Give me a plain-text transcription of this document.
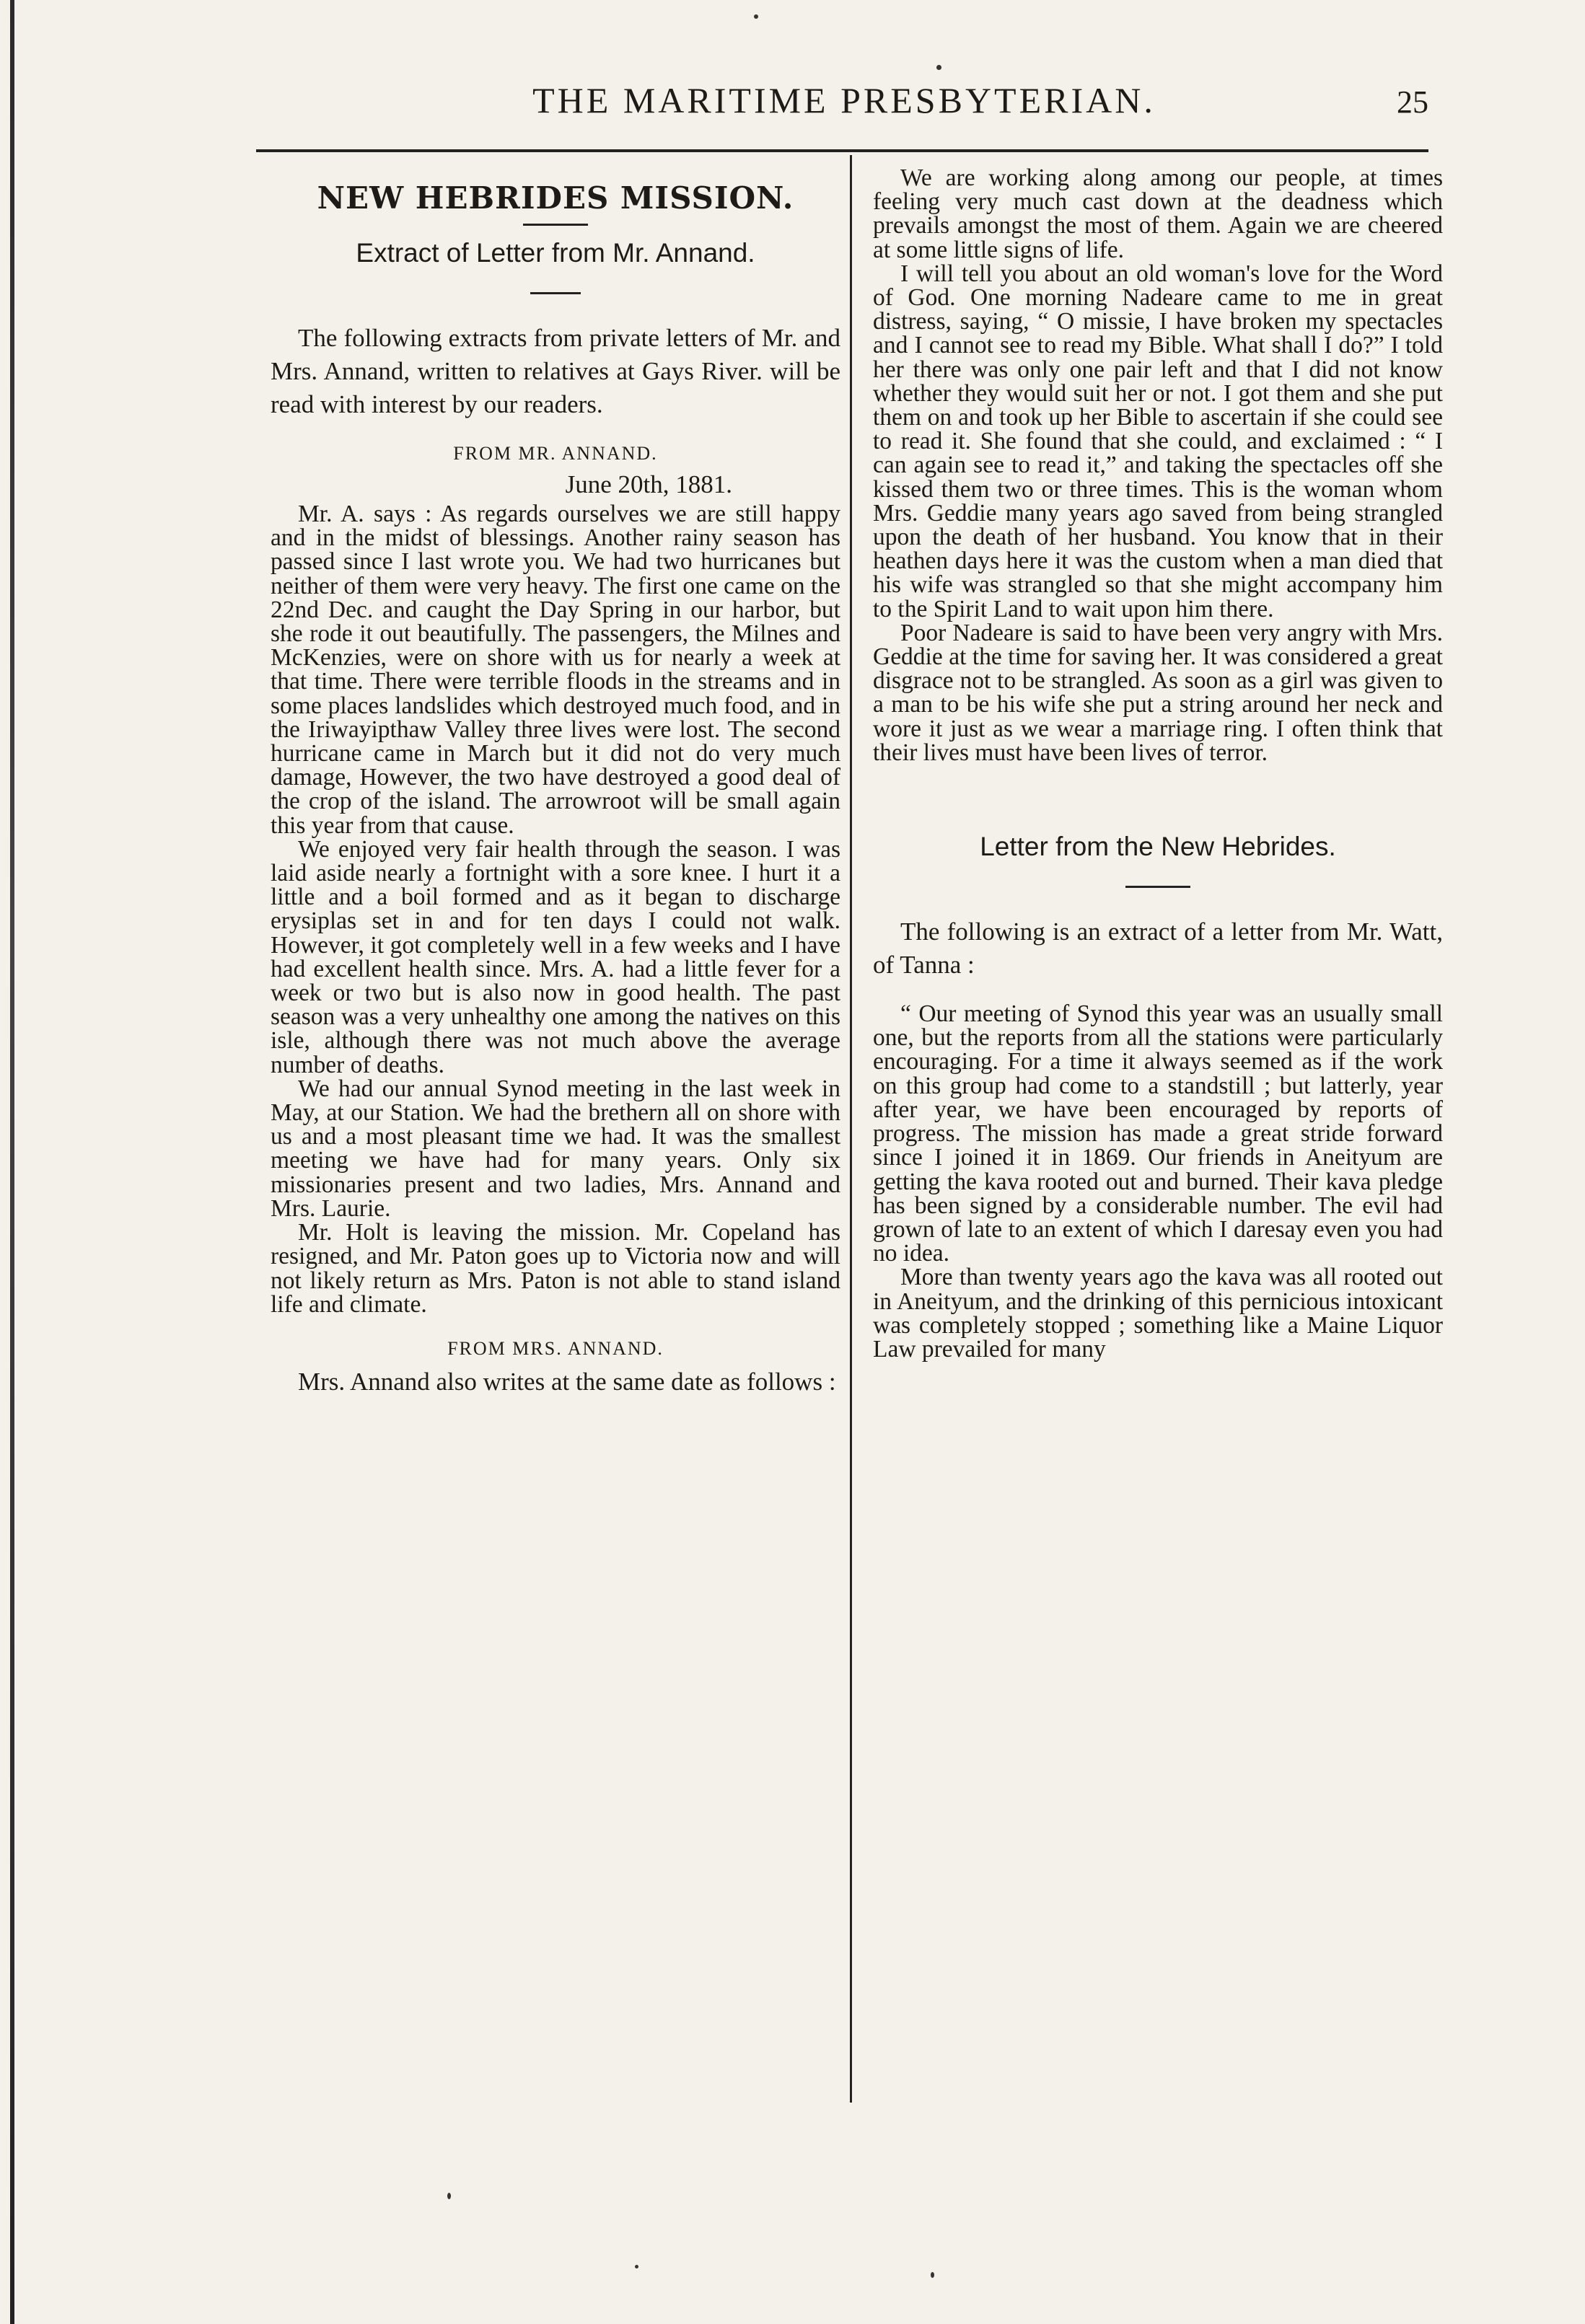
THE MARITIME PRESBYTERIAN.	25
NEW HEBRIDES MISSION.
Extract of Letter from Mr. Annand.

The following extracts from private letters of Mr. and Mrs. Annand, written to relatives at Gays River. will be read with interest by our readers.

FROM MR. ANNAND.
June 20th, 1881.

Mr. A. says : As regards ourselves we are still happy and in the midst of blessings. Another rainy season has passed since I last wrote you. We had two hurricanes but neither of them were very heavy. The first one came on the 22nd Dec. and caught the Day Spring in our harbor, but she rode it out beautifully. The passengers, the Milnes and McKenzies, were on shore with us for nearly a week at that time. There were terrible floods in the streams and in some places landslides which destroyed much food, and in the Iriwayipthaw Valley three lives were lost. The second hurricane came in March but it did not do very much damage, However, the two have destroyed a good deal of the crop of the island. The arrowroot will be small again this year from that cause.

We enjoyed very fair health through the season. I was laid aside nearly a fortnight with a sore knee. I hurt it a little and a boil formed and as it began to discharge erysiplas set in and for ten days I could not walk. However, it got completely well in a few weeks and I have had excellent health since. Mrs. A. had a little fever for a week or two but is also now in good health. The past season was a very unhealthy one among the natives on this isle, although there was not much above the average number of deaths.

We had our annual Synod meeting in the last week in May, at our Station. We had the brethern all on shore with us and a most pleasant time we had. It was the smallest meeting we have had for many years. Only six missionaries present and two ladies, Mrs. Annand and Mrs. Laurie.

Mr. Holt is leaving the mission. Mr. Copeland has resigned, and Mr. Paton goes up to Victoria now and will not likely return as Mrs. Paton is not able to stand island life and climate.

FROM MRS. ANNAND.

Mrs. Annand also writes at the same date as follows :

We are working along among our people, at times feeling very much cast down at the deadness which prevails amongst the most of them. Again we are cheered at some little signs of life.

I will tell you about an old woman's love for the Word of God. One morning Nadeare came to me in great distress, saying, “ O missie, I have broken my spectacles and I cannot see to read my Bible. What shall I do?” I told her there was only one pair left and that I did not know whether they would suit her or not. I got them and she put them on and took up her Bible to ascertain if she could see to read it. She found that she could, and exclaimed : “ I can again see to read it,” and taking the spectacles off she kissed them two or three times. This is the woman whom Mrs. Geddie many years ago saved from being strangled upon the death of her husband. You know that in their heathen days here it was the custom when a man died that his wife was strangled so that she might accompany him to the Spirit Land to wait upon him there.

Poor Nadeare is said to have been very angry with Mrs. Geddie at the time for saving her. It was considered a great disgrace not to be strangled. As soon as a girl was given to a man to be his wife she put a string around her neck and wore it just as we wear a marriage ring. I often think that their lives must have been lives of terror.

Letter from the New Hebrides.

The following is an extract of a letter from Mr. Watt, of Tanna :

“ Our meeting of Synod this year was an usually small one, but the reports from all the stations were particularly encouraging. For a time it always seemed as if the work on this group had come to a standstill ; but latterly, year after year, we have been encouraged by reports of progress. The mission has made a great stride forward since I joined it in 1869. Our friends in Aneityum are getting the kava rooted out and burned. Their kava pledge has been signed by a considerable number. The evil had grown of late to an extent of which I daresay even you had no idea.

More than twenty years ago the kava was all rooted out in Aneityum, and the drinking of this pernicious intoxicant was completely stopped ; something like a Maine Liquor Law prevailed for many
